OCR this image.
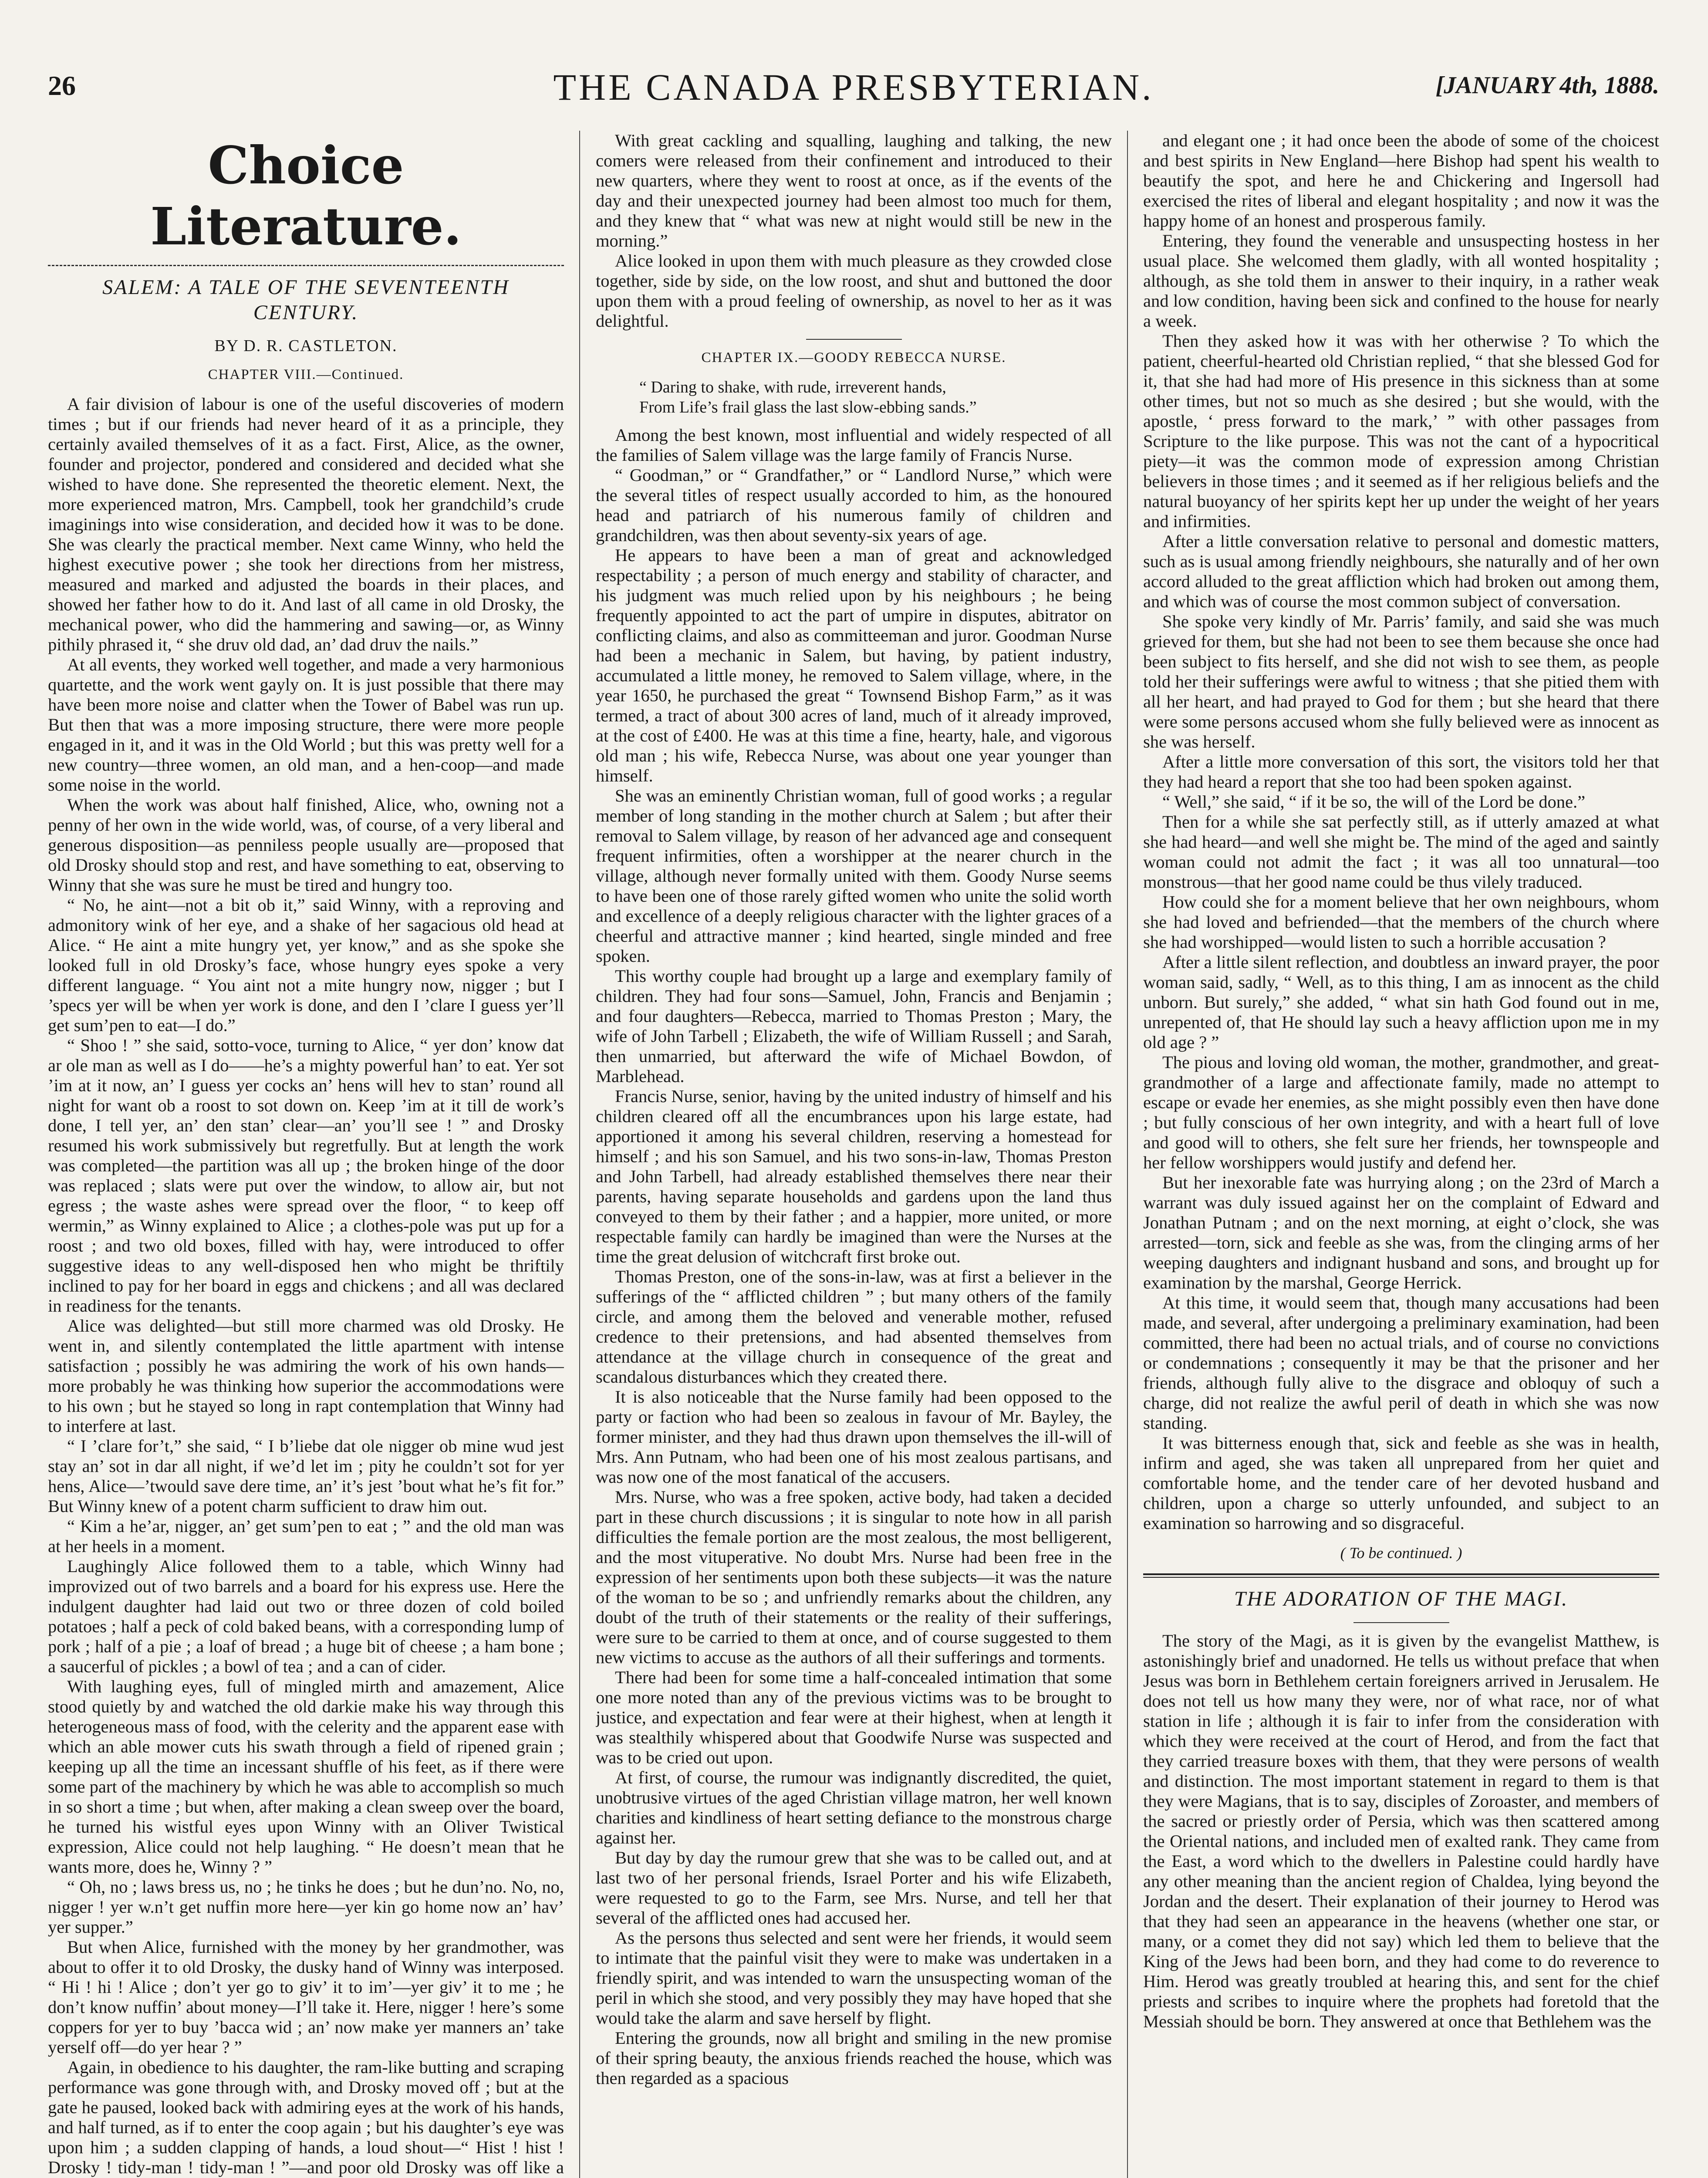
26	THE CANADA PRESBYTERIAN.	[JANUARY 4th, 1888.
Choice Literature.
SALEM: A TALE OF THE SEVENTEENTH CENTURY.
BY D. R. CASTLETON.
CHAPTER VIII.—Continued.

A fair division of labour is one of the useful discoveries of modern times ; but if our friends had never heard of it as a principle, they certainly availed themselves of it as a fact. First, Alice, as the owner, founder and projector, pondered and considered and decided what she wished to have done. She represented the theoretic element. Next, the more experienced matron, Mrs. Campbell, took her grandchild’s crude imaginings into wise consideration, and decided how it was to be done. She was clearly the practical member. Next came Winny, who held the highest executive power ; she took her directions from her mistress, measured and marked and adjusted the boards in their places, and showed her father how to do it. And last of all came in old Drosky, the mechanical power, who did the hammering and sawing—or, as Winny pithily phrased it, “ she druv old dad, an’ dad druv the nails.”

At all events, they worked well together, and made a very harmonious quartette, and the work went gayly on. It is just possible that there may have been more noise and clatter when the Tower of Babel was run up. But then that was a more imposing structure, there were more people engaged in it, and it was in the Old World ; but this was pretty well for a new country—three women, an old man, and a hen-coop—and made some noise in the world.

When the work was about half finished, Alice, who, owning not a penny of her own in the wide world, was, of course, of a very liberal and generous disposition—as penniless people usually are—proposed that old Drosky should stop and rest, and have something to eat, observing to Winny that she was sure he must be tired and hungry too.

“ No, he aint—not a bit ob it,” said Winny, with a reproving and admonitory wink of her eye, and a shake of her sagacious old head at Alice. “ He aint a mite hungry yet, yer know,” and as she spoke she looked full in old Drosky’s face, whose hungry eyes spoke a very different language. “ You aint not a mite hungry now, nigger ; but I ’specs yer will be when yer work is done, and den I ’clare I guess yer’ll get sum’pen to eat—I do.”

“ Shoo ! ” she said, sotto-voce, turning to Alice, “ yer don’ know dat ar ole man as well as I do——he’s a mighty powerful han’ to eat. Yer sot ’im at it now, an’ I guess yer cocks an’ hens will hev to stan’ round all night for want ob a roost to sot down on. Keep ’im at it till de work’s done, I tell yer, an’ den stan’ clear—an’ you’ll see ! ” and Drosky resumed his work submissively but regretfully. But at length the work was completed—the partition was all up ; the broken hinge of the door was replaced ; slats were put over the window, to allow air, but not egress ; the waste ashes were spread over the floor, “ to keep off wermin,” as Winny explained to Alice ; a clothes-pole was put up for a roost ; and two old boxes, filled with hay, were introduced to offer suggestive ideas to any well-disposed hen who might be thriftily inclined to pay for her board in eggs and chickens ; and all was declared in readiness for the tenants.

Alice was delighted—but still more charmed was old Drosky. He went in, and silently contemplated the little apartment with intense satisfaction ; possibly he was admiring the work of his own hands—more probably he was thinking how superior the accommodations were to his own ; but he stayed so long in rapt contemplation that Winny had to interfere at last.

“ I ’clare for’t,” she said, “ I b’liebe dat ole nigger ob mine wud jest stay an’ sot in dar all night, if we’d let im ; pity he couldn’t sot for yer hens, Alice—’twould save dere time, an’ it’s jest ’bout what he’s fit for.” But Winny knew of a potent charm sufficient to draw him out.

“ Kim a he’ar, nigger, an’ get sum’pen to eat ; ” and the old man was at her heels in a moment.

Laughingly Alice followed them to a table, which Winny had improvized out of two barrels and a board for his express use. Here the indulgent daughter had laid out two or three dozen of cold boiled potatoes ; half a peck of cold baked beans, with a corresponding lump of pork ; half of a pie ; a loaf of bread ; a huge bit of cheese ; a ham bone ; a saucerful of pickles ; a bowl of tea ; and a can of cider.

With laughing eyes, full of mingled mirth and amazement, Alice stood quietly by and watched the old darkie make his way through this heterogeneous mass of food, with the celerity and the apparent ease with which an able mower cuts his swath through a field of ripened grain ; keeping up all the time an incessant shuffle of his feet, as if there were some part of the machinery by which he was able to accomplish so much in so short a time ; but when, after making a clean sweep over the board, he turned his wistful eyes upon Winny with an Oliver Twistical expression, Alice could not help laughing. “ He doesn’t mean that he wants more, does he, Winny ? ”

“ Oh, no ; laws bress us, no ; he tinks he does ; but he dun’no. No, no, nigger ! yer w.n’t get nuffin more here—yer kin go home now an’ hav’ yer supper.”

But when Alice, furnished with the money by her grandmother, was about to offer it to old Drosky, the dusky hand of Winny was interposed. “ Hi ! hi ! Alice ; don’t yer go to giv’ it to im’—yer giv’ it to me ; he don’t know nuffin’ about money—I’ll take it. Here, nigger ! here’s some coppers for yer to buy ’bacca wid ; an’ now make yer manners an’ take yerself off—do yer hear ? ”

Again, in obedience to his daughter, the ram-like butting and scraping performance was gone through with, and Drosky moved off ; but at the gate he paused, looked back with admiring eyes at the work of his hands, and half turned, as if to enter the coop again ; but his daughter’s eye was upon him ; a sudden clapping of hands, a loud shout—“ Hist ! hist ! Drosky ! tidy-man ! tidy-man ! ”—and poor old Drosky was off like a

With great cackling and squalling, laughing and talking, the new comers were released from their confinement and introduced to their new quarters, where they went to roost at once, as if the events of the day and their unexpected journey had been almost too much for them, and they knew that “ what was new at night would still be new in the morning.”

Alice looked in upon them with much pleasure as they crowded close together, side by side, on the low roost, and shut and buttoned the door upon them with a proud feeling of ownership, as novel to her as it was delightful.

CHAPTER IX.—GOODY REBECCA NURSE.

“ Daring to shake, with rude, irreverent hands,

From Life’s frail glass the last slow-ebbing sands.”

Among the best known, most influential and widely respected of all the families of Salem village was the large family of Francis Nurse.

“ Goodman,” or “ Grandfather,” or “ Landlord Nurse,” which were the several titles of respect usually accorded to him, as the honoured head and patriarch of his numerous family of children and grandchildren, was then about seventy-six years of age.

He appears to have been a man of great and acknowledged respectability ; a person of much energy and stability of character, and his judgment was much relied upon by his neighbours ; he being frequently appointed to act the part of umpire in disputes, abitrator on conflicting claims, and also as committeeman and juror. Goodman Nurse had been a mechanic in Salem, but having, by patient industry, accumulated a little money, he removed to Salem village, where, in the year 1650, he purchased the great “ Townsend Bishop Farm,” as it was termed, a tract of about 300 acres of land, much of it already improved, at the cost of £400. He was at this time a fine, hearty, hale, and vigorous old man ; his wife, Rebecca Nurse, was about one year younger than himself.

She was an eminently Christian woman, full of good works ; a regular member of long standing in the mother church at Salem ; but after their removal to Salem village, by reason of her advanced age and consequent frequent infirmities, often a worshipper at the nearer church in the village, although never formally united with them. Goody Nurse seems to have been one of those rarely gifted women who unite the solid worth and excellence of a deeply religious character with the lighter graces of a cheerful and attractive manner ; kind hearted, single minded and free spoken.

This worthy couple had brought up a large and exemplary family of children. They had four sons—Samuel, John, Francis and Benjamin ; and four daughters—Rebecca, married to Thomas Preston ; Mary, the wife of John Tarbell ; Elizabeth, the wife of William Russell ; and Sarah, then unmarried, but afterward the wife of Michael Bowdon, of Marblehead.

Francis Nurse, senior, having by the united industry of himself and his children cleared off all the encumbrances upon his large estate, had apportioned it among his several children, reserving a homestead for himself ; and his son Samuel, and his two sons-in-law, Thomas Preston and John Tarbell, had already established themselves there near their parents, having separate households and gardens upon the land thus conveyed to them by their father ; and a happier, more united, or more respectable family can hardly be imagined than were the Nurses at the time the great delusion of witchcraft first broke out.

Thomas Preston, one of the sons-in-law, was at first a believer in the sufferings of the “ afflicted children ” ; but many others of the family circle, and among them the beloved and venerable mother, refused credence to their pretensions, and had absented themselves from attendance at the village church in consequence of the great and scandalous disturbances which they created there.

It is also noticeable that the Nurse family had been opposed to the party or faction who had been so zealous in favour of Mr. Bayley, the former minister, and they had thus drawn upon themselves the ill-will of Mrs. Ann Putnam, who had been one of his most zealous partisans, and was now one of the most fanatical of the accusers.

Mrs. Nurse, who was a free spoken, active body, had taken a decided part in these church discussions ; it is singular to note how in all parish difficulties the female portion are the most zealous, the most belligerent, and the most vituperative. No doubt Mrs. Nurse had been free in the expression of her sentiments upon both these subjects—it was the nature of the woman to be so ; and unfriendly remarks about the children, any doubt of the truth of their statements or the reality of their sufferings, were sure to be carried to them at once, and of course suggested to them new victims to accuse as the authors of all their sufferings and torments.

There had been for some time a half-concealed intimation that some one more noted than any of the previous victims was to be brought to justice, and expectation and fear were at their highest, when at length it was stealthily whispered about that Goodwife Nurse was suspected and was to be cried out upon.

At first, of course, the rumour was indignantly discredited, the quiet, unobtrusive virtues of the aged Christian village matron, her well known charities and kindliness of heart setting defiance to the monstrous charge against her.

But day by day the rumour grew that she was to be called out, and at last two of her personal friends, Israel Porter and his wife Elizabeth, were requested to go to the Farm, see Mrs. Nurse, and tell her that several of the afflicted ones had accused her.

As the persons thus selected and sent were her friends, it would seem to intimate that the painful visit they were to make was undertaken in a friendly spirit, and was intended to warn the unsuspecting woman of the peril in which she stood, and very possibly they may have hoped that she would take the alarm and save herself by flight.

Entering the grounds, now all bright and smiling in the new promise of their spring beauty, the anxious friends reached the house, which was then regarded as a spacious

and elegant one ; it had once been the abode of some of the choicest and best spirits in New England—here Bishop had spent his wealth to beautify the spot, and here he and Chickering and Ingersoll had exercised the rites of liberal and elegant hospitality ; and now it was the happy home of an honest and prosperous family.

Entering, they found the venerable and unsuspecting hostess in her usual place. She welcomed them gladly, with all wonted hospitality ; although, as she told them in answer to their inquiry, in a rather weak and low condition, having been sick and confined to the house for nearly a week.

Then they asked how it was with her otherwise ? To which the patient, cheerful-hearted old Christian replied, “ that she blessed God for it, that she had had more of His presence in this sickness than at some other times, but not so much as she desired ; but she would, with the apostle, ‘ press forward to the mark,’ ” with other passages from Scripture to the like purpose. This was not the cant of a hypocritical piety—it was the common mode of expression among Christian believers in those times ; and it seemed as if her religious beliefs and the natural buoyancy of her spirits kept her up under the weight of her years and infirmities.

After a little conversation relative to personal and domestic matters, such as is usual among friendly neighbours, she naturally and of her own accord alluded to the great affliction which had broken out among them, and which was of course the most common subject of conversation.

She spoke very kindly of Mr. Parris’ family, and said she was much grieved for them, but she had not been to see them because she once had been subject to fits herself, and she did not wish to see them, as people told her their sufferings were awful to witness ; that she pitied them with all her heart, and had prayed to God for them ; but she heard that there were some persons accused whom she fully believed were as innocent as she was herself.

After a little more conversation of this sort, the visitors told her that they had heard a report that she too had been spoken against.

“ Well,” she said, “ if it be so, the will of the Lord be done.”

Then for a while she sat perfectly still, as if utterly amazed at what she had heard—and well she might be. The mind of the aged and saintly woman could not admit the fact ; it was all too unnatural—too monstrous—that her good name could be thus vilely traduced.

How could she for a moment believe that her own neighbours, whom she had loved and befriended—that the members of the church where she had worshipped—would listen to such a horrible accusation ?

After a little silent reflection, and doubtless an inward prayer, the poor woman said, sadly, “ Well, as to this thing, I am as innocent as the child unborn. But surely,” she added, “ what sin hath God found out in me, unrepented of, that He should lay such a heavy affliction upon me in my old age ? ”

The pious and loving old woman, the mother, grandmother, and great-grandmother of a large and affectionate family, made no attempt to escape or evade her enemies, as she might possibly even then have done ; but fully conscious of her own integrity, and with a heart full of love and good will to others, she felt sure her friends, her townspeople and her fellow worshippers would justify and defend her.

But her inexorable fate was hurrying along ; on the 23rd of March a warrant was duly issued against her on the complaint of Edward and Jonathan Putnam ; and on the next morning, at eight o’clock, she was arrested—torn, sick and feeble as she was, from the clinging arms of her weeping daughters and indignant husband and sons, and brought up for examination by the marshal, George Herrick.

At this time, it would seem that, though many accusations had been made, and several, after undergoing a preliminary examination, had been committed, there had been no actual trials, and of course no convictions or condemnations ; consequently it may be that the prisoner and her friends, although fully alive to the disgrace and obloquy of such a charge, did not realize the awful peril of death in which she was now standing.

It was bitterness enough that, sick and feeble as she was in health, infirm and aged, she was taken all unprepared from her quiet and comfortable home, and the tender care of her devoted husband and children, upon a charge so utterly unfounded, and subject to an examination so harrowing and so disgraceful.

( To be continued. )

THE ADORATION OF THE MAGI.

The story of the Magi, as it is given by the evangelist Matthew, is astonishingly brief and unadorned. He tells us without preface that when Jesus was born in Bethlehem certain foreigners arrived in Jerusalem. He does not tell us how many they were, nor of what race, nor of what station in life ; although it is fair to infer from the consideration with which they were received at the court of Herod, and from the fact that they carried treasure boxes with them, that they were persons of wealth and distinction. The most important statement in regard to them is that they were Magians, that is to say, disciples of Zoroaster, and members of the sacred or priestly order of Persia, which was then scattered among the Oriental nations, and included men of exalted rank. They came from the East, a word which to the dwellers in Palestine could hardly have any other meaning than the ancient region of Chaldea, lying beyond the Jordan and the desert. Their explanation of their journey to Herod was that they had seen an appearance in the heavens (whether one star, or many, or a comet they did not say) which led them to believe that the King of the Jews had been born, and they had come to do reverence to Him. Herod was greatly troubled at hearing this, and sent for the chief priests and scribes to inquire where the prophets had foretold that the Messiah should be born. They answered at once that Bethlehem was the
